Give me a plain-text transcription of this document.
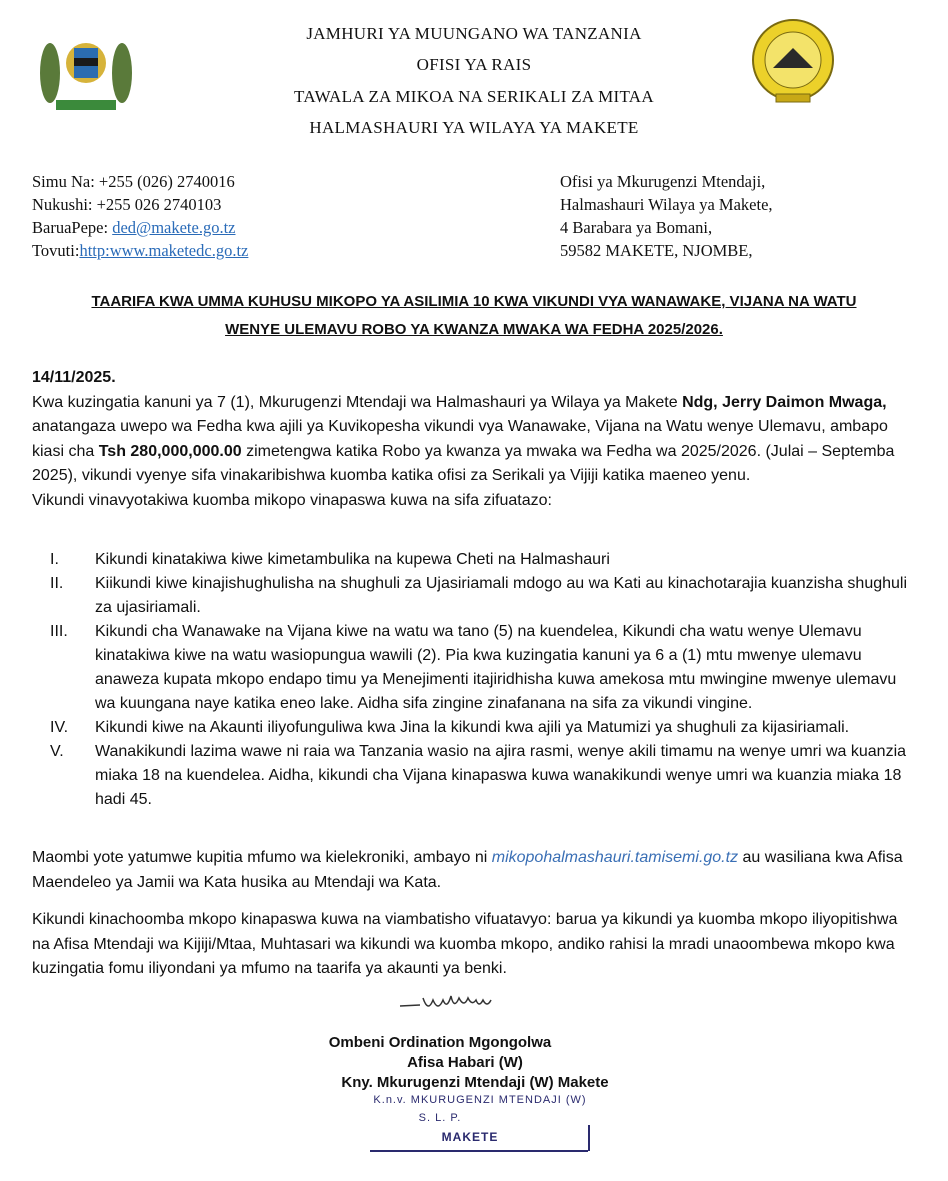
JAMHURI YA MUUNGANO WA TANZANIA
OFISI YA RAIS
TAWALA ZA MIKOA NA SERIKALI ZA MITAA
HALMASHAURI YA WILAYA YA MAKETE
Simu Na: +255 (026) 2740016
Nukushi: +255 026 2740103
BaruaPepe: ded@makete.go.tz
Tovuti:http:www.maketedc.go.tz
Ofisi ya Mkurugenzi Mtendaji,
Halmashauri Wilaya ya Makete,
4 Barabara ya Bomani,
59582 MAKETE, NJOMBE,
TAARIFA KWA UMMA KUHUSU MIKOPO YA ASILIMIA 10 KWA VIKUNDI VYA WANAWAKE, VIJANA NA WATU
WENYE ULEMAVU ROBO YA KWANZA MWAKA WA FEDHA 2025/2026.
14/11/2025.
Kwa kuzingatia kanuni ya 7 (1), Mkurugenzi Mtendaji wa Halmashauri ya Wilaya ya Makete Ndg, Jerry Daimon Mwaga, anatangaza uwepo wa Fedha kwa ajili ya Kuvikopesha vikundi vya Wanawake, Vijana na Watu wenye Ulemavu, ambapo kiasi cha Tsh 280,000,000.00 zimetengwa katika Robo ya kwanza ya mwaka wa Fedha wa 2025/2026. (Julai – Septemba 2025), vikundi vyenye sifa vinakaribishwa kuomba katika ofisi za Serikali ya Vijiji katika maeneo yenu.
Vikundi vinavyotakiwa kuomba mikopo vinapaswa kuwa na sifa zifuatazo:
I.	Kikundi kinatakiwa kiwe kimetambulika na kupewa Cheti na Halmashauri
II.	Kiikundi kiwe kinajishughulisha na shughuli za Ujasiriamali mdogo au wa Kati au kinachotarajia kuanzisha shughuli za ujasiriamali.
III.	Kikundi cha Wanawake na Vijana kiwe na watu wa tano (5) na kuendelea, Kikundi cha watu wenye Ulemavu kinatakiwa kiwe na watu wasiopungua wawili (2). Pia kwa kuzingatia kanuni ya 6 a (1) mtu mwenye ulemavu anaweza kupata mkopo endapo timu ya Menejimenti itajiridhisha kuwa amekosa mtu mwingine mwenye ulemavu wa kuungana naye katika eneo lake. Aidha sifa zingine zinafanana na sifa za vikundi vingine.
IV.	Kikundi kiwe na Akaunti iliyofunguliwa kwa Jina la kikundi kwa ajili ya Matumizi ya shughuli za kijasiriamali.
V.	Wanakikundi lazima wawe ni raia wa Tanzania wasio na ajira rasmi, wenye akili timamu na wenye umri wa kuanzia miaka 18 na kuendelea. Aidha, kikundi cha Vijana kinapaswa kuwa wanakikundi wenye umri wa kuanzia miaka 18 hadi 45.
Maombi yote yatumwe kupitia mfumo wa kielekroniki, ambayo ni mikopohalmashauri.tamisemi.go.tz au wasiliana kwa Afisa Maendeleo ya Jamii wa Kata husika au Mtendaji wa Kata.
Kikundi kinachoomba mkopo kinapaswa kuwa na viambatisho vifuatavyo: barua ya kikundi ya kuomba mkopo iliyopitishwa na Afisa Mtendaji wa Kijiji/Mtaa, Muhtasari wa kikundi wa kuomba mkopo, andiko rahisi la mradi unaoombewa mkopo kwa kuzingatia fomu iliyondani ya mfumo na taarifa ya akaunti ya benki.
Ombeni Ordination Mgongolwa
Afisa Habari (W)
Kny. Mkurugenzi Mtendaji (W) Makete
K.n.v. MKURUGENZI MTENDAJI (W)
S. L. P.
MAKETE
